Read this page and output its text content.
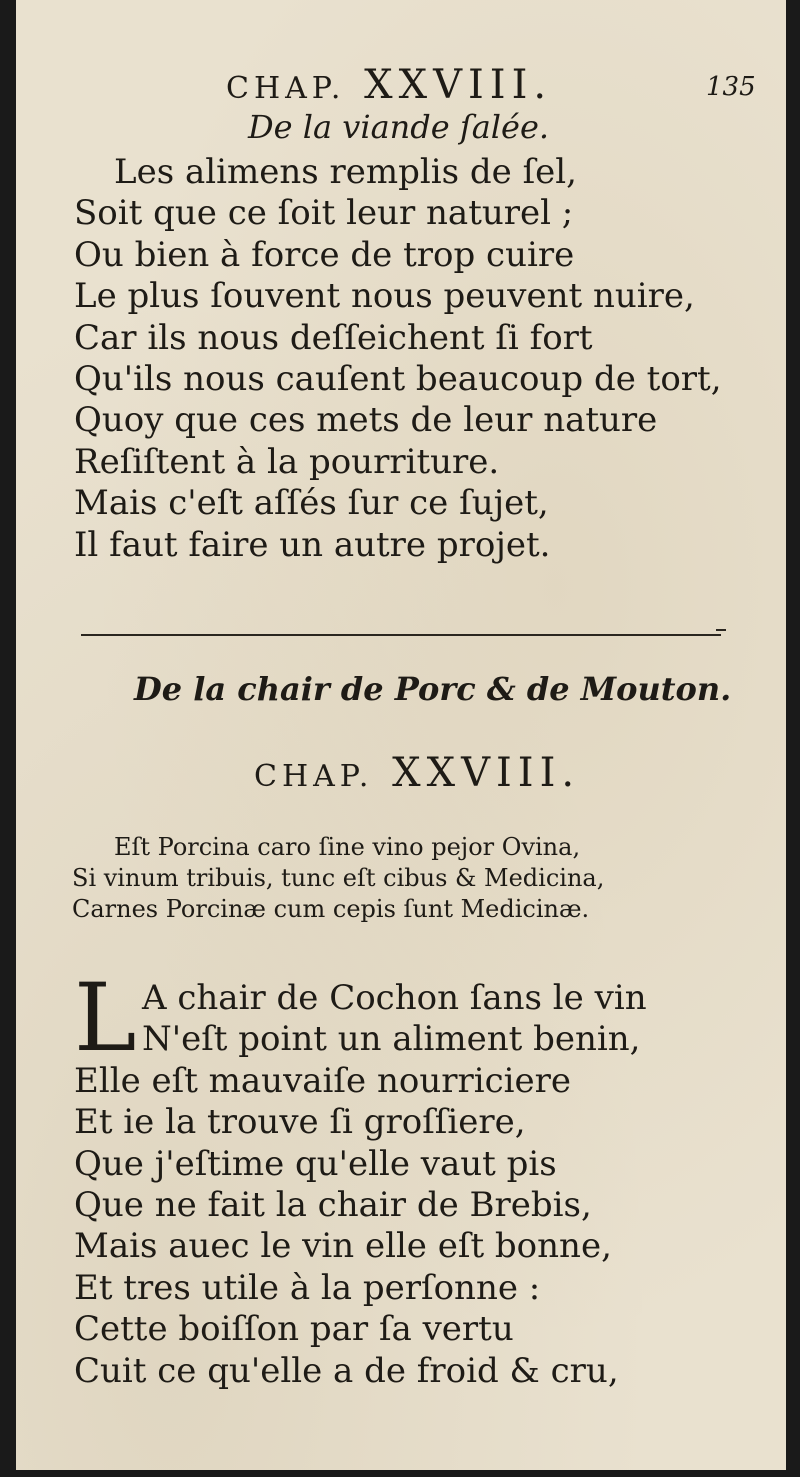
CHAP. XXVIII.	135
De la viande ſalée.
Les alimens remplis de ſel,
Soit que ce ſoit leur naturel ;
Ou bien à force de trop cuire
Le plus ſouvent nous peuvent nuire,
Car ils nous deſſeichent ſi fort
Qu'ils nous cauſent beaucoup de tort,
Quoy que ces mets de leur nature
Reſiſtent à la pourriture.
Mais c'eſt aſſés ſur ce ſujet,
Il faut faire un autre projet.
De la chair de Porc & de Mouton.
CHAP. XXVIII.
Eſt Porcina caro ſine vino pejor Ovina,
Si vinum tribuis, tunc eſt cibus & Medicina,
Carnes Porcinæ cum cepis ſunt Medicinæ.
L A chair de Cochon ſans le vin
N'eſt point un aliment benin,
Elle eſt mauvaiſe nourriciere
Et ie la trouve ſi groſſiere,
Que j'eſtime qu'elle vaut pis
Que ne fait la chair de Brebis,
Mais auec le vin elle eſt bonne,
Et tres utile à la perſonne :
Cette boiſſon par ſa vertu
Cuit ce qu'elle a de froid & cru,
